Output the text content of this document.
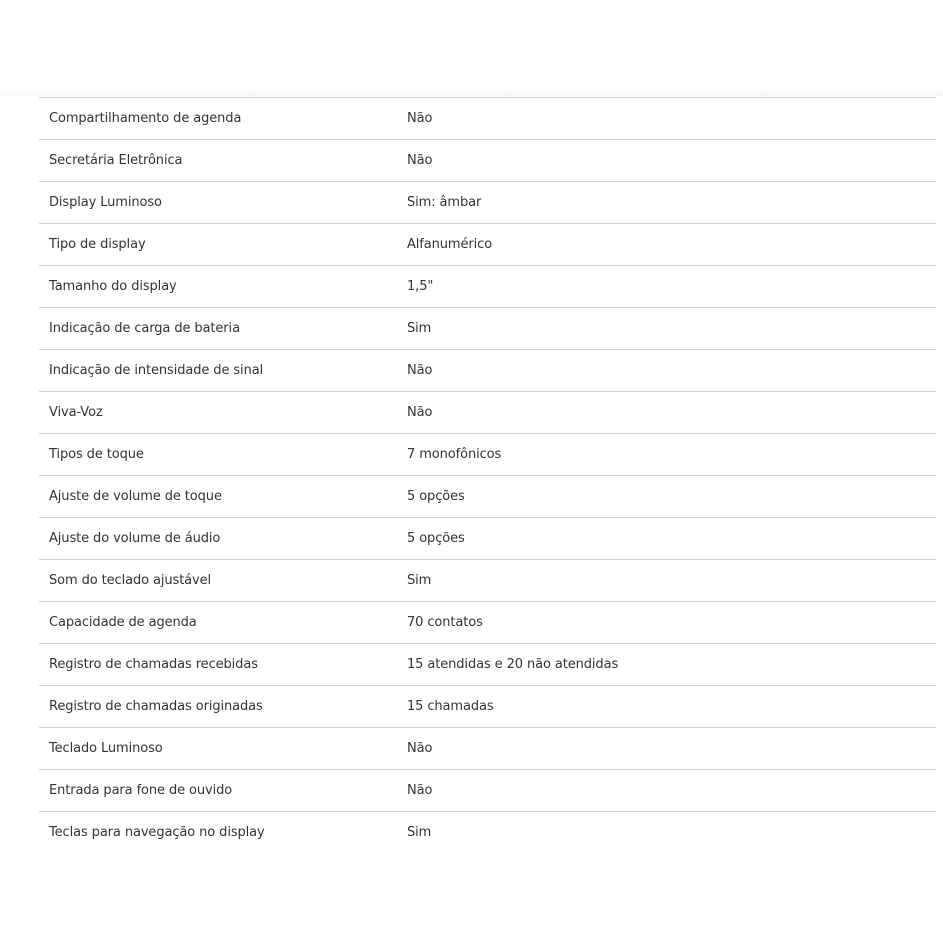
Compartilhamento de agenda	Não
Secretária Eletrônica	Não
Display Luminoso	Sim: âmbar
Tipo de display	Alfanumérico
Tamanho do display	1,5"
Indicação de carga de bateria	Sim
Indicação de intensidade de sinal	Não
Viva-Voz	Não
Tipos de toque	7 monofônicos
Ajuste de volume de toque	5 opções
Ajuste do volume de áudio	5 opções
Som do teclado ajustável	Sim
Capacidade de agenda	70 contatos
Registro de chamadas recebidas	15 atendidas e 20 não atendidas
Registro de chamadas originadas	15 chamadas
Teclado Luminoso	Não
Entrada para fone de ouvido	Não
Teclas para navegação no display	Sim
